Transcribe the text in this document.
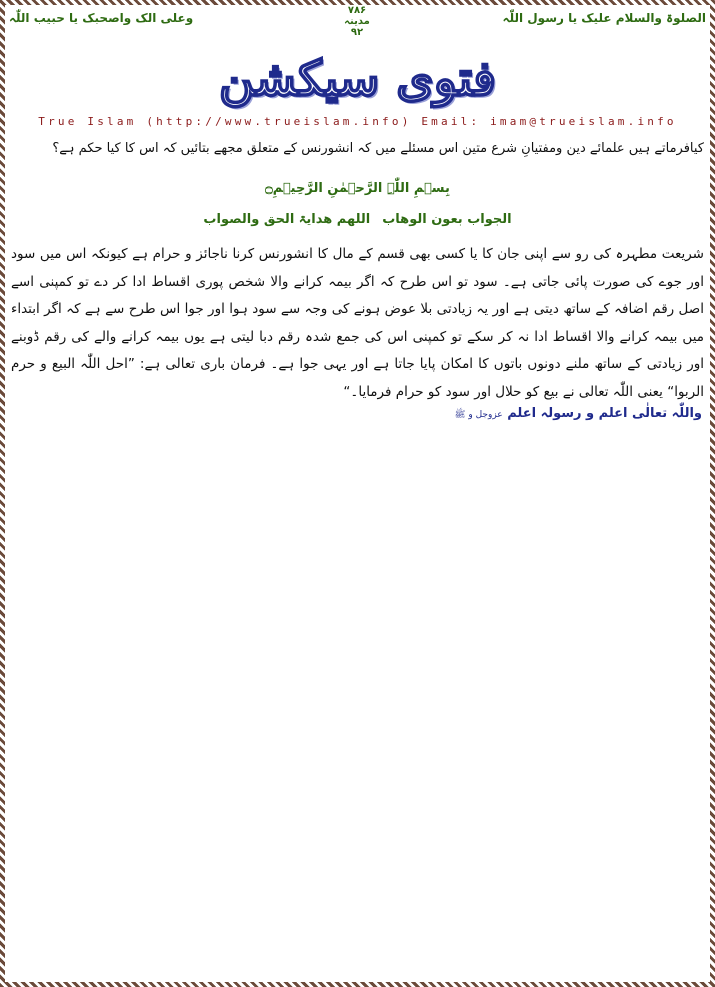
الصلوۃ والسلام علیک یا رسول اللّٰہ
وعلی الک واصحبک یا حبیب اللّٰہ
۷۸۶
مدینہ
۹۲
فتوی سیکشن
True Islam (http://www.trueislam.info) Email: imam@trueislam.info
کیافرماتے ہیں علمائے دین ومفتیانِ شرع متین اس مسئلے میں کہ انشورنس کے متعلق مجھے بتائیں کہ اس کا کیا حکم ہے؟
بِسۡمِ اللّٰہِ الرَّحۡمٰنِ الرَّحِیۡمِ۝
الجواب بعون الوھاباللھم ھدایۃ الحق والصواب
شریعت مطہرہ کی رو سے اپنی جان کا یا کسی بھی قسم کے مال کا انشورنس کرنا ناجائز و حرام ہے کیونکہ اس میں سود اور جوے کی صورت پائی جاتی ہے۔ سود تو اس طرح کہ اگر بیمہ کرانے والا شخص پوری اقساط ادا کر دے تو کمپنی اسے اصل رقم اضافہ کے ساتھ دیتی ہے اور یہ زیادتی بلا عوض ہونے کی وجہ سے سود ہوا اور جوا اس طرح سے ہے کہ اگر ابتداء میں بیمہ کرانے والا اقساط ادا نہ کر سکے تو کمپنی اس کی جمع شدہ رقم دبا لیتی ہے یوں بیمہ کرانے والے کی رقم ڈوبنے اور زیادتی کے ساتھ ملنے دونوں باتوں کا امکان پایا جاتا ہے اور یہی جوا ہے۔ فرمان باری تعالی ہے: ”احل اللّٰہ البیع و حرم الربوا“ یعنی اللّٰہ تعالی نے بیع کو حلال اور سود کو حرام فرمایا۔“
واللّٰہ تعالٰی اعلم و رسولہ اعلم عزوجل و ﷺ
